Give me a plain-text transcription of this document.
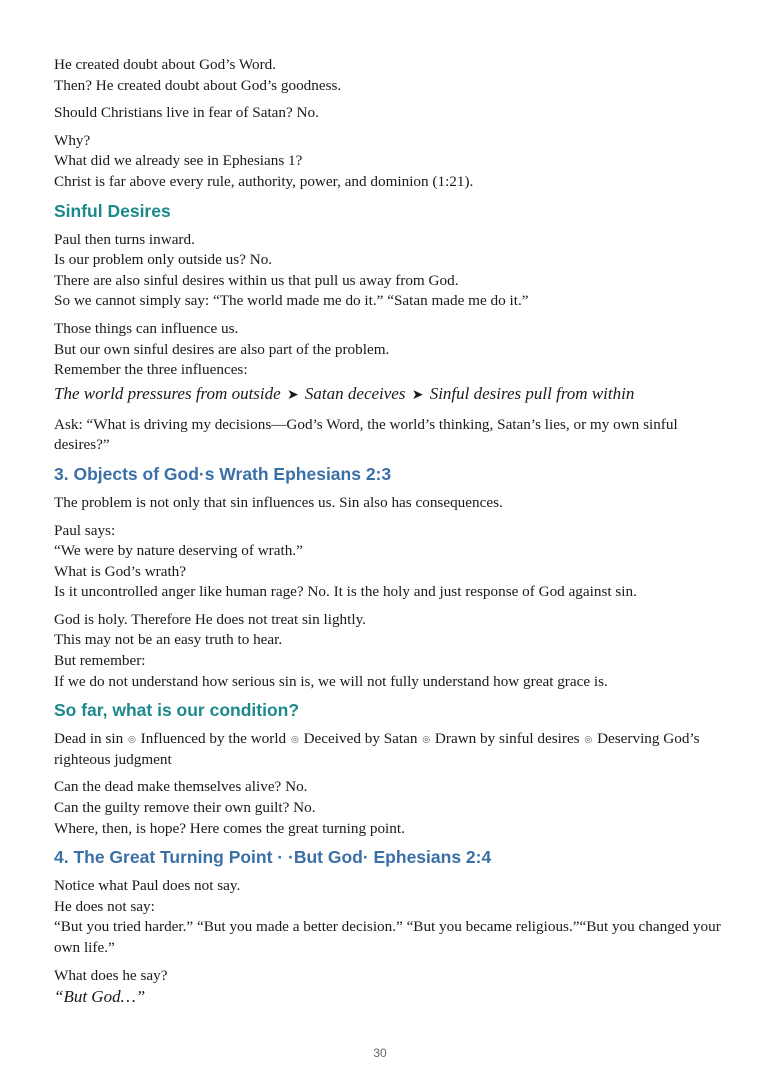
He created doubt about God’s Word.
Then? He created doubt about God’s goodness.
Should Christians live in fear of Satan? No.
Why?
What did we already see in Ephesians 1?
Christ is far above every rule, authority, power, and dominion (1:21).
Sinful Desires
Paul then turns inward.
Is our problem only outside us? No.
There are also sinful desires within us that pull us away from God.
So we cannot simply say: “The world made me do it.” “Satan made me do it.”
Those things can influence us.
But our own sinful desires are also part of the problem.
Remember the three influences:
The world pressures from outside ➤ Satan deceives ➤ Sinful desires pull from within
Ask: “What is driving my decisions—God’s Word, the world’s thinking, Satan’s lies, or my own sinful desires?”
3. Objects of God·s Wrath Ephesians 2:3
The problem is not only that sin influences us. Sin also has consequences.
Paul says:
“We were by nature deserving of wrath.”
What is God’s wrath?
Is it uncontrolled anger like human rage? No. It is the holy and just response of God against sin.
God is holy. Therefore He does not treat sin lightly.
This may not be an easy truth to hear.
But remember:
If we do not understand how serious sin is, we will not fully understand how great grace is.
So far, what is our condition?
Dead in sin ◎ Influenced by the world ◎ Deceived by Satan ◎ Drawn by sinful desires ◎ Deserving God’s righteous judgment
Can the dead make themselves alive? No.
Can the guilty remove their own guilt? No.
Where, then, is hope? Here comes the great turning point.
4. The Great Turning Point · ·But God· Ephesians 2:4
Notice what Paul does not say.
He does not say:
“But you tried harder.” “But you made a better decision.” “But you became religious.”“But you changed your own life.”
What does he say?
“But God…”
30
